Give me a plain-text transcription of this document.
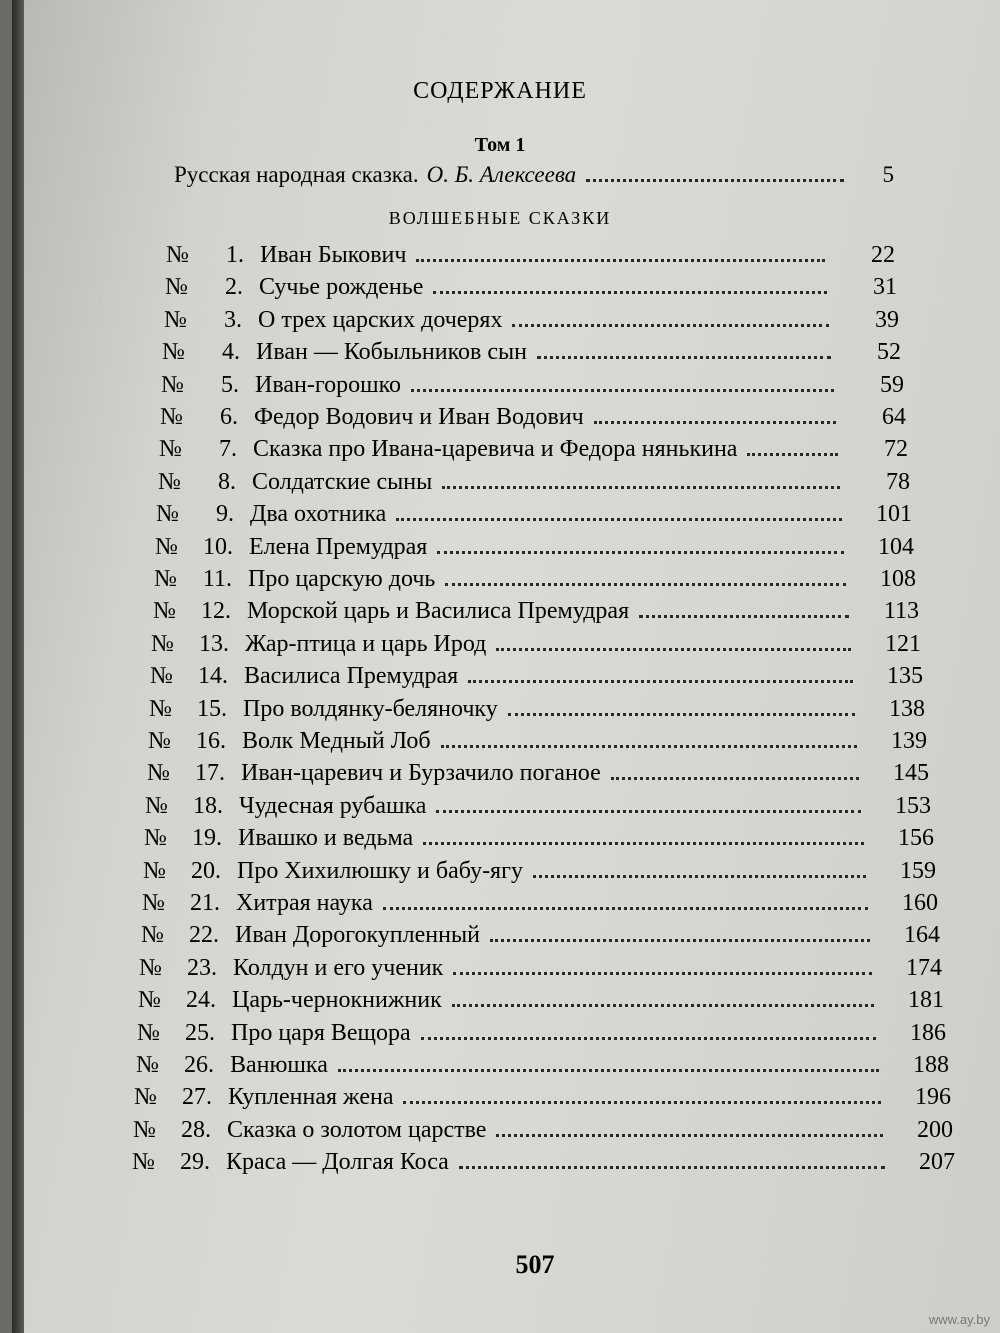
СОДЕРЖАНИЕ
Том 1
Русская народная сказка. О. Б. Алексеева	5
ВОЛШЕБНЫЕ СКАЗКИ
№	1. Иван Быкович	22
№	2. Сучье рожденье	31
№	3. О трех царских дочерях	39
№	4. Иван — Кобыльников сын	52
№	5. Иван-горошко	59
№	6. Федор Водович и Иван Водович	64
№	7. Сказка про Ивана-царевича и Федора нянькина	72
№	8. Солдатские сыны	78
№	9. Два охотника	101
№	10. Елена Премудрая	104
№	11. Про царскую дочь	108
№	12. Морской царь и Василиса Премудрая	113
№	13. Жар-птица и царь Ирод	121
№	14. Василиса Премудрая	135
№	15. Про волдянку-беляночку	138
№	16. Волк Медный Лоб	139
№	17. Иван-царевич и Бурзачило поганое	145
№	18. Чудесная рубашка	153
№	19. Ивашко и ведьма	156
№	20. Про Хихилюшку и бабу-ягу	159
№	21. Хитрая наука	160
№	22. Иван Дорогокупленный	164
№	23. Колдун и его ученик	174
№	24. Царь-чернокнижник	181
№	25. Про царя Вещора	186
№	26. Ванюшка	188
№	27. Купленная жена	196
№	28. Сказка о золотом царстве	200
№	29. Краса — Долгая Коса	207
507
www.ay.by
